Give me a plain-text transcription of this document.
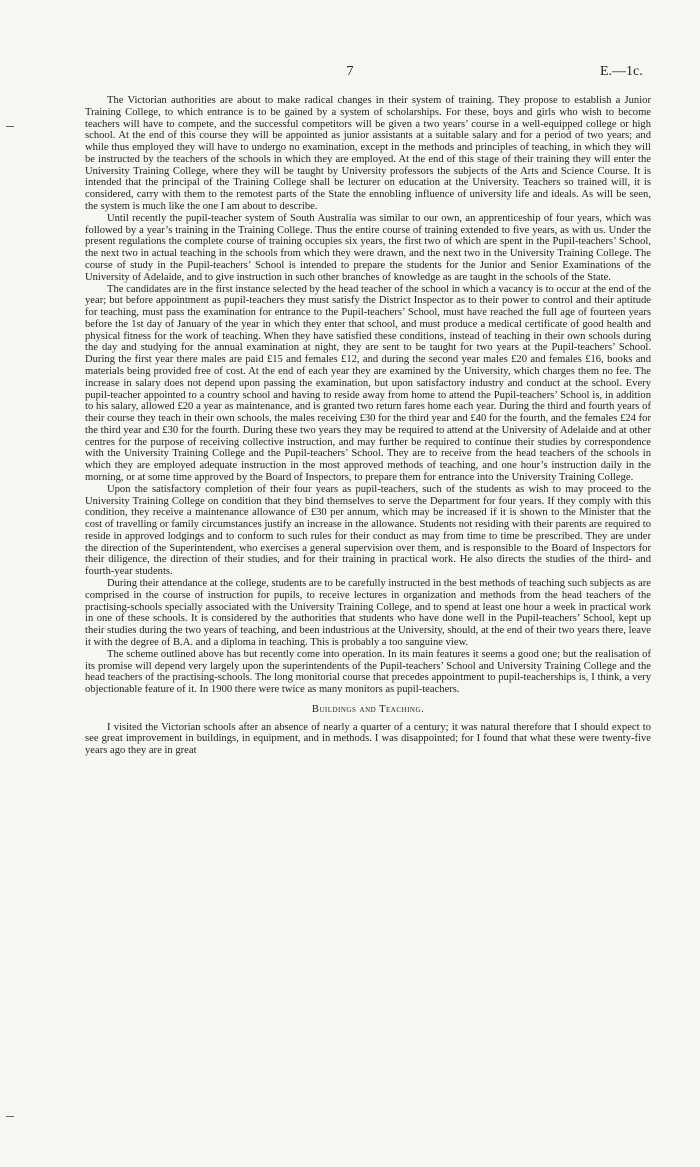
7	E.—1c.

The Victorian authorities are about to make radical changes in their system of training. They propose to establish a Junior Training College, to which entrance is to be gained by a system of scholarships. For these, boys and girls who wish to become teachers will have to compete, and the successful competitors will be given a two years’ course in a well-equipped college or high school. At the end of this course they will be appointed as junior assistants at a suitable salary and for a period of two years; and while thus employed they will have to undergo no examination, except in the methods and principles of teaching, in which they will be instructed by the teachers of the schools in which they are employed. At the end of this stage of their training they will enter the University Training College, where they will be taught by University professors the subjects of the Arts and Science Course. It is intended that the principal of the Training College shall be lecturer on education at the University. Teachers so trained will, it is considered, carry with them to the remotest parts of the State the ennobling influence of university life and ideals. As will be seen, the system is much like the one I am about to describe.

Until recently the pupil-teacher system of South Australia was similar to our own, an apprenticeship of four years, which was followed by a year’s training in the Training College. Thus the entire course of training extended to five years, as with us. Under the present regulations the complete course of training occupies six years, the first two of which are spent in the Pupil-teachers’ School, the next two in actual teaching in the schools from which they were drawn, and the next two in the University Training College. The course of study in the Pupil-teachers’ School is intended to prepare the students for the Junior and Senior Examinations of the University of Adelaide, and to give instruction in such other branches of knowledge as are taught in the schools of the State.

The candidates are in the first instance selected by the head teacher of the school in which a vacancy is to occur at the end of the year; but before appointment as pupil-teachers they must satisfy the District Inspector as to their power to control and their aptitude for teaching, must pass the examination for entrance to the Pupil-teachers’ School, must have reached the full age of fourteen years before the 1st day of January of the year in which they enter that school, and must produce a medical certificate of good health and physical fitness for the work of teaching. When they have satisfied these conditions, instead of teaching in their own schools during the day and studying for the annual examination at night, they are sent to be taught for two years at the Pupil-teachers’ School. During the first year there males are paid £15 and females £12, and during the second year males £20 and females £16, books and materials being provided free of cost. At the end of each year they are examined by the University, which charges them no fee. The increase in salary does not depend upon passing the examination, but upon satisfactory industry and conduct at the school. Every pupil-teacher appointed to a country school and having to reside away from home to attend the Pupil-teachers’ School is, in addition to his salary, allowed £20 a year as maintenance, and is granted two return fares home each year. During the third and fourth years of their course they teach in their own schools, the males receiving £30 for the third year and £40 for the fourth, and the females £24 for the third year and £30 for the fourth. During these two years they may be required to attend at the University of Adelaide and at other centres for the purpose of receiving collective instruction, and may further be required to continue their studies by correspondence with the University Training College and the Pupil-teachers’ School. They are to receive from the head teachers of the schools in which they are employed adequate instruction in the most approved methods of teaching, and one hour’s instruction daily in the morning, or at some time approved by the Board of Inspectors, to prepare them for entrance into the University Training College.

Upon the satisfactory completion of their four years as pupil-teachers, such of the students as wish to may proceed to the University Training College on condition that they bind themselves to serve the Department for four years. If they comply with this condition, they receive a maintenance allowance of £30 per annum, which may be increased if it is shown to the Minister that the cost of travelling or family circumstances justify an increase in the allowance. Students not residing with their parents are required to reside in approved lodgings and to conform to such rules for their conduct as may from time to time be prescribed. They are under the direction of the Superintendent, who exercises a general supervision over them, and is responsible to the Board of Inspectors for their diligence, the direction of their studies, and for their training in practical work. He also directs the studies of the third- and fourth-year students.

During their attendance at the college, students are to be carefully instructed in the best methods of teaching such subjects as are comprised in the course of instruction for pupils, to receive lectures in organization and methods from the head teachers of the practising-schools specially associated with the University Training College, and to spend at least one hour a week in practical work in one of these schools. It is considered by the authorities that students who have done well in the Pupil-teachers’ School, kept up their studies during the two years of teaching, and been industrious at the University, should, at the end of their two years there, leave it with the degree of B.A. and a diploma in teaching. This is probably a too sanguine view.

The scheme outlined above has but recently come into operation. In its main features it seems a good one; but the realisation of its promise will depend very largely upon the superintendents of the Pupil-teachers’ School and University Training College and the head teachers of the practising-schools. The long monitorial course that precedes appointment to pupil-teacherships is, I think, a very objectionable feature of it. In 1900 there were twice as many monitors as pupil-teachers.

Buildings and Teaching.

I visited the Victorian schools after an absence of nearly a quarter of a century; it was natural therefore that I should expect to see great improvement in buildings, in equipment, and in methods. I was disappointed; for I found that what these were twenty-five years ago they are in great
